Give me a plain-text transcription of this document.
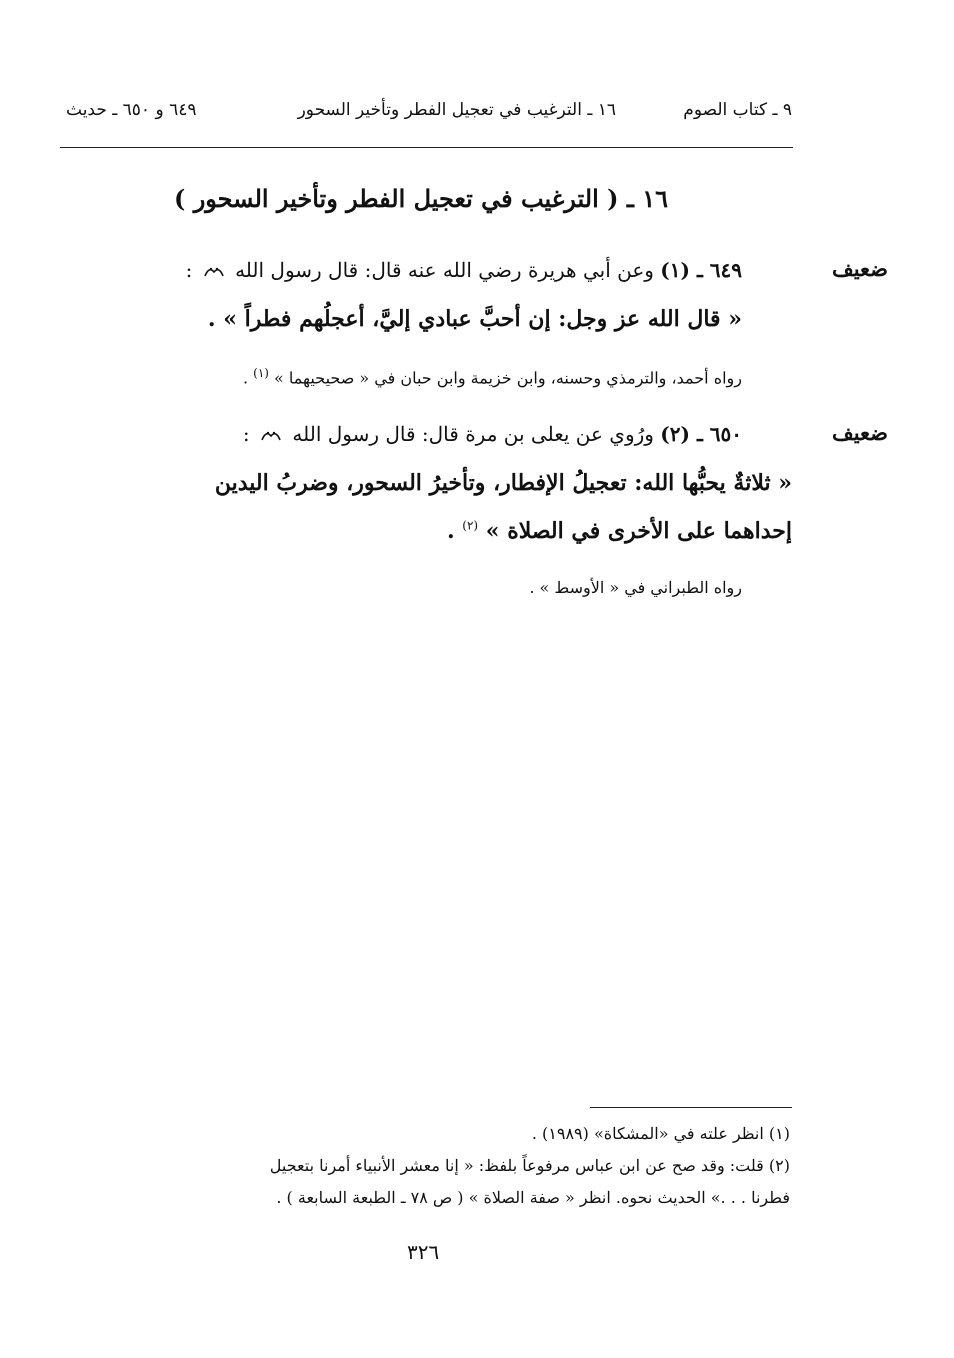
٩ ـ كتاب الصوم
١٦ ـ الترغيب في تعجيل الفطر وتأخير السحور
٦٤٩ و ٦٥٠ ـ حديث
١٦ ـ ( الترغيب في تعجيل الفطر وتأخير السحور )
ضعيف
٦٤٩ ـ (١) وعن أبي هريرة رضي الله عنه قال: قال رسول الله  :
« قال الله عز وجل: إن أحبَّ عبادي إليَّ، أعجلُهم فطراً » .
رواه أحمد، والترمذي وحسنه، وابن خزيمة وابن حبان في « صحيحيهما » $^{(١)}$ .
ضعيف
٦٥٠ ـ (٢) ورُوي عن يعلى بن مرة قال: قال رسول الله  :
« ثلاثةٌ يحبُّها الله: تعجيلُ الإفطار، وتأخيرُ السحور، وضربُ اليدين
إحداهما على الأخرى في الصلاة » $^{(٢)}$ .
رواه الطبراني في « الأوسط » .
(١) انظر علته في «المشكاة» (١٩٨٩) .
(٢) قلت: وقد صح عن ابن عباس مرفوعاً بلفظ: « إنا معشر الأنبياء أمرنا بتعجيل
فطرنا . . .» الحديث نحوه. انظر « صفة الصلاة » ( ص ٧٨ ـ الطبعة السابعة ) .
٣٢٦
